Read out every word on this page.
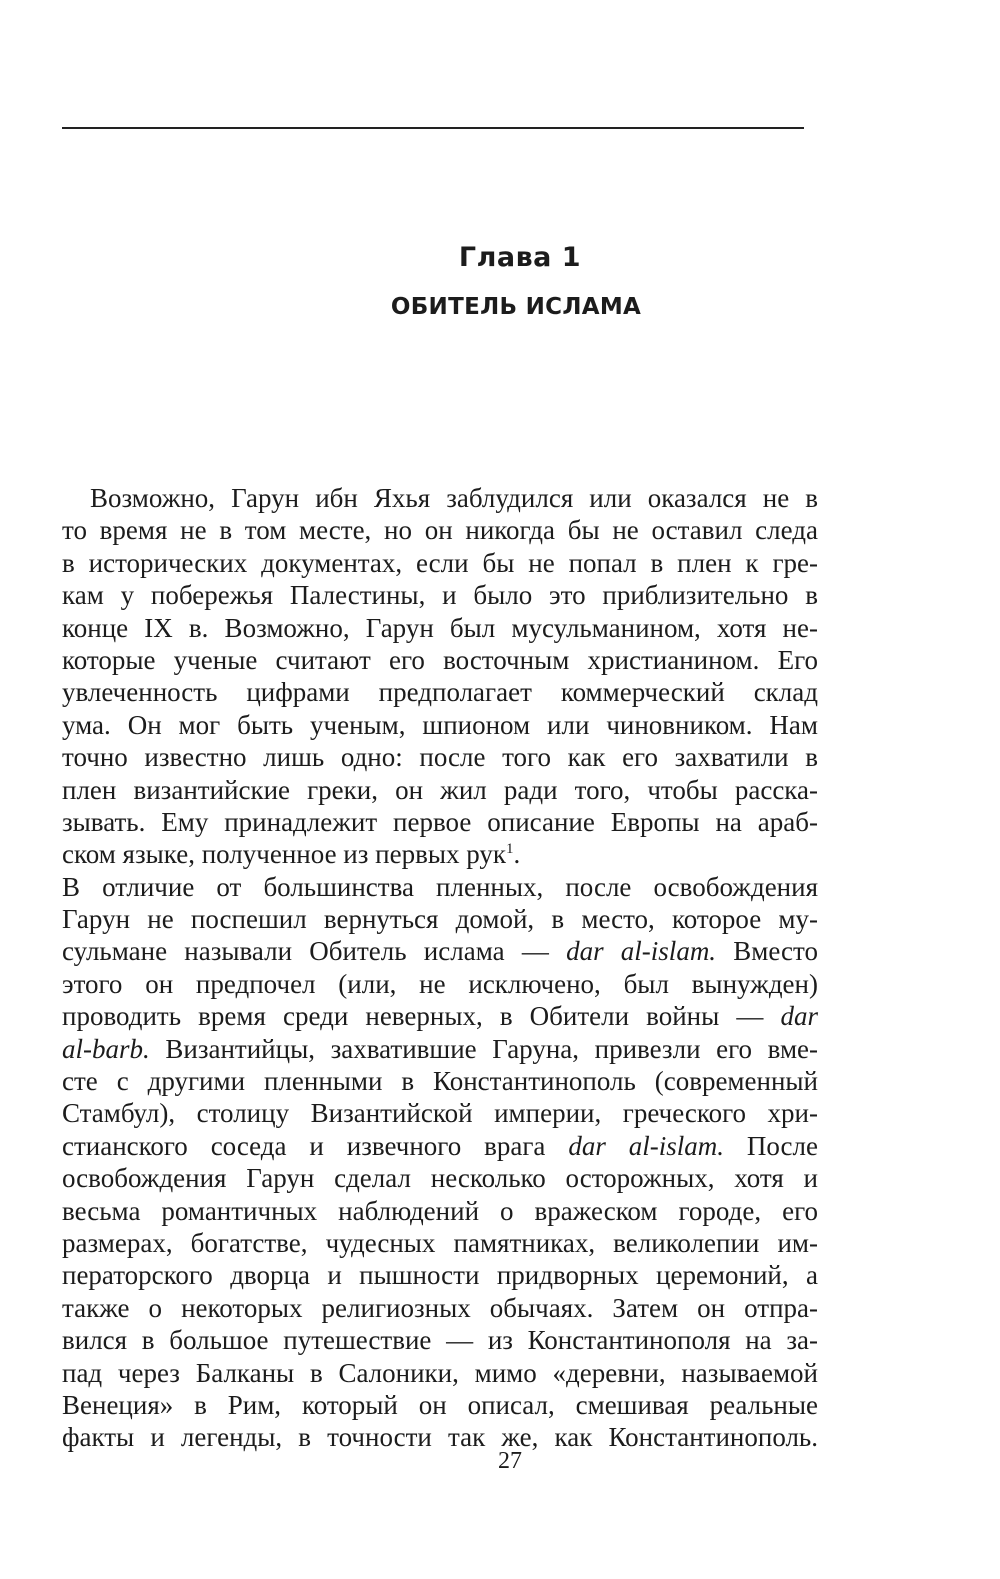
Глава 1
ОБИТЕЛЬ ИСЛАМА

Возможно, Гарун ибн Яхья заблудился или оказался не в
то время не в том месте, но он никогда бы не оставил следа
в исторических документах, если бы не попал в плен к гре-
кам у побережья Палестины, и было это приблизительно в
конце IX в. Возможно, Гарун был мусульманином, хотя не-
которые ученые считают его восточным христианином. Его
увлеченность цифрами предполагает коммерческий склад
ума. Он мог быть ученым, шпионом или чиновником. Нам
точно известно лишь одно: после того как его захватили в
плен византийские греки, он жил ради того, чтобы расска-
зывать. Ему принадлежит первое описание Европы на араб-
ском языке, полученное из первых рук$^1$.

В отличие от большинства пленных, после освобождения
Гарун не поспешил вернуться домой, в место, которое му-
сульмане называли Обитель ислама — dar al-islam. Вместо
этого он предпочел (или, не исключено, был вынужден)
проводить время среди неверных, в Обители войны — dar
al-barb. Византийцы, захватившие Гаруна, привезли его вме-
сте с другими пленными в Константинополь (современный
Стамбул), столицу Византийской империи, греческого хри-
стианского соседа и извечного врага dar al-islam. После
освобождения Гарун сделал несколько осторожных, хотя и
весьма романтичных наблюдений о вражеском городе, его
размерах, богатстве, чудесных памятниках, великолепии им-
ператорского дворца и пышности придворных церемоний, а
также о некоторых религиозных обычаях. Затем он отпра-
вился в большое путешествие — из Константинополя на за-
пад через Балканы в Салоники, мимо «деревни, называемой
Венеция» в Рим, который он описал, смешивая реальные
факты и легенды, в точности так же, как Константинополь.

27
